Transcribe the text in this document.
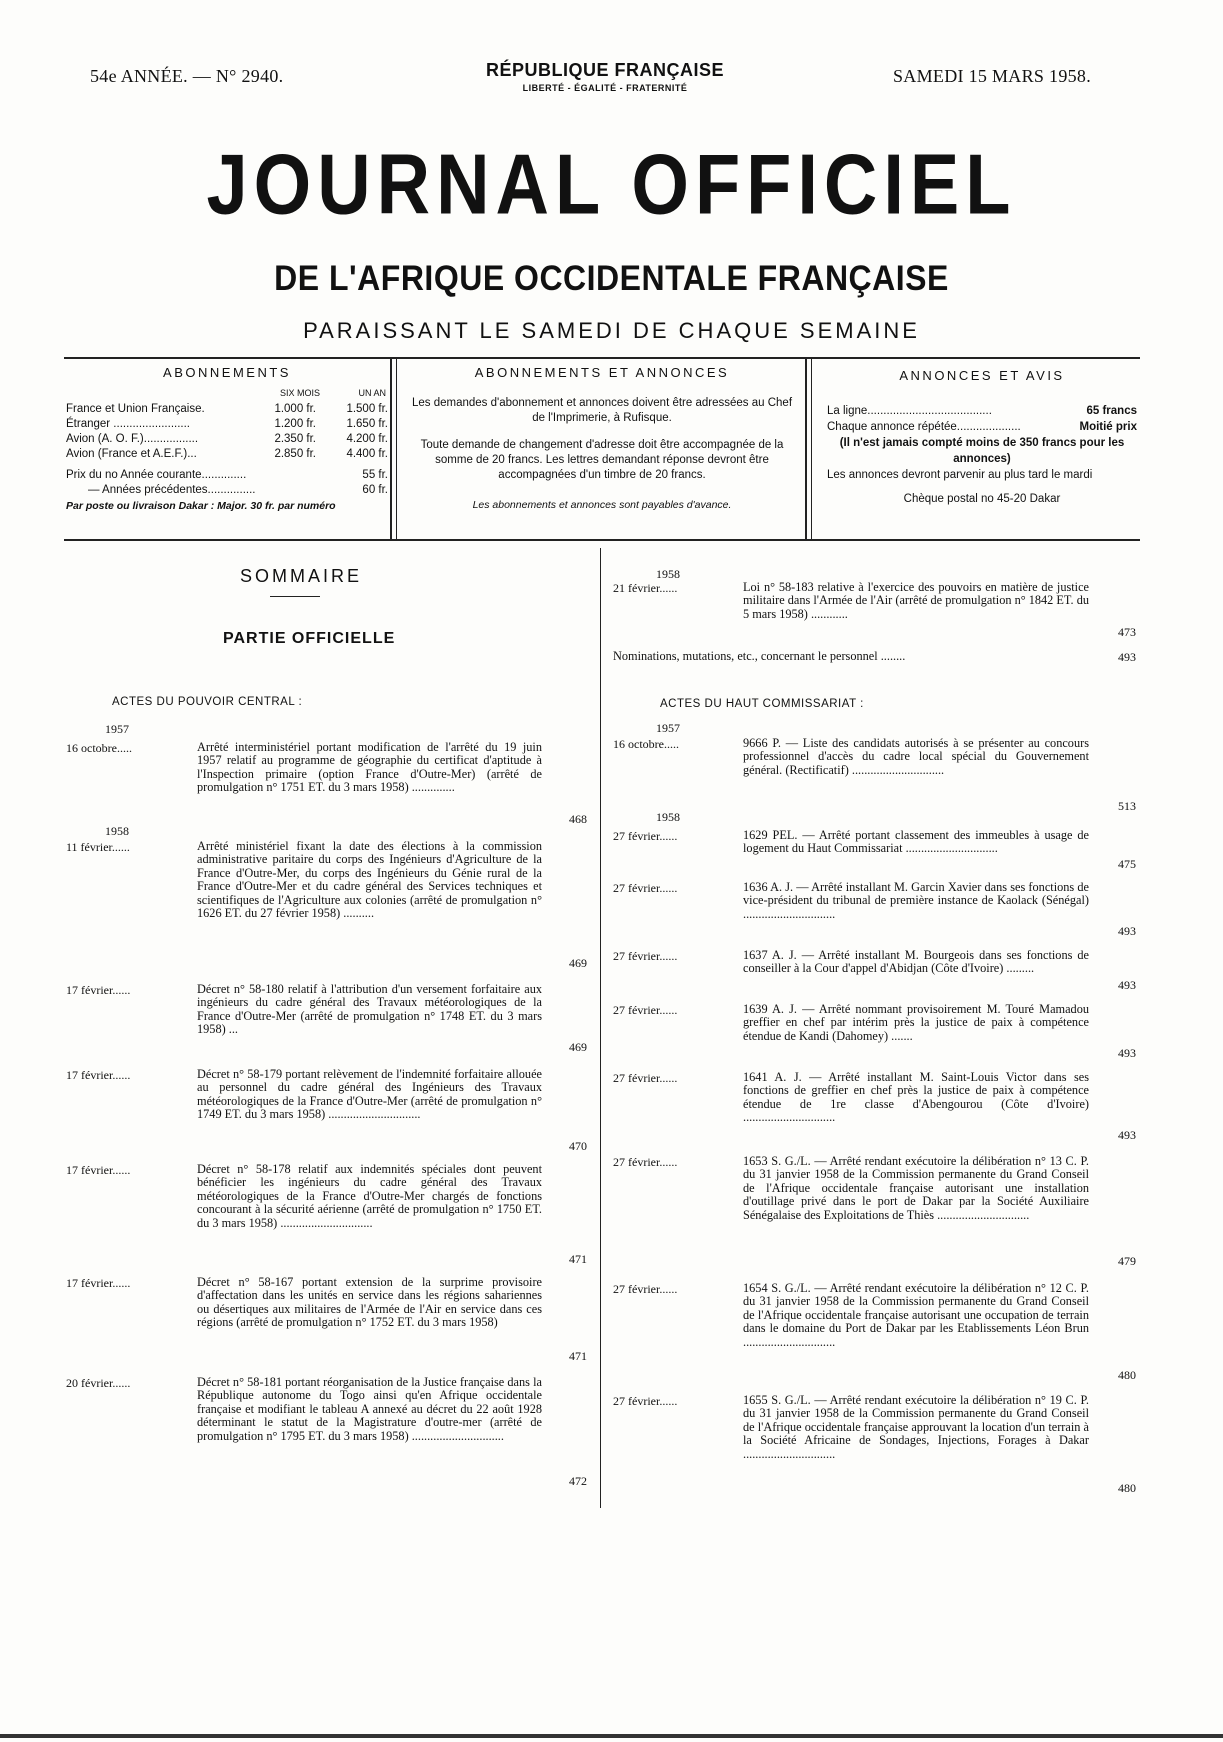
54e ANNÉE. — N° 2940.	RÉPUBLIQUE FRANÇAISE
LIBERTÉ - ÉGALITÉ - FRATERNITÉ
SAMEDI 15 MARS 1958.
JOURNAL OFFICIEL
DE L'AFRIQUE OCCIDENTALE FRANÇAISE
PARAISSANT LE SAMEDI DE CHAQUE SEMAINE
ABONNEMENTS
SIX MOIS	UN AN
France et Union Française.	1.000 fr.	1.500 fr.
Étranger ........................	1.200 fr.	1.650 fr.
Avion (A. O. F.).................	2.350 fr.	4.200 fr.
Avion (France et A.E.F.)...	2.850 fr.	4.400 fr.
Prix du no Année courante..............	55 fr.
— Années précédentes...............	60 fr.
Par poste ou livraison Dakar : Major. 30 fr. par numéro
ABONNEMENTS ET ANNONCES
Les demandes d'abonnement et annonces doivent être adressées au Chef de l'Imprimerie, à Rufisque.
Toute demande de changement d'adresse doit être accompagnée de la somme de 20 francs. Les lettres demandant réponse devront être accompagnées d'un timbre de 20 francs.
Les abonnements et annonces sont payables d'avance.
ANNONCES ET AVIS
La ligne.......................................	65 francs
Chaque annonce répétée....................	Moitié prix
(Il n'est jamais compté moins de 350 francs pour les annonces)
Les annonces devront parvenir au plus tard le mardi
Chèque postal no 45-20 Dakar
SOMMAIRE
PARTIE OFFICIELLE
ACTES DU POUVOIR CENTRAL :
1957
1958
16 octobre.....	Arrêté interministériel portant modification de l'arrêté du 19 juin 1957 relatif au programme de géographie du certificat d'aptitude à l'Inspection primaire (option France d'Outre-Mer) (arrêté de promulgation n° 1751 ET. du 3 mars 1958) ..............
468
11 février......	Arrêté ministériel fixant la date des élections à la commission administrative paritaire du corps des Ingénieurs d'Agriculture de la France d'Outre-Mer, du corps des Ingénieurs du Génie rural de la France d'Outre-Mer et du cadre général des Services techniques et scientifiques de l'Agriculture aux colonies (arrêté de promulgation n° 1626 ET. du 27 février 1958) ..........
469
17 février......	Décret n° 58-180 relatif à l'attribution d'un versement forfaitaire aux ingénieurs du cadre général des Travaux météorologiques de la France d'Outre-Mer (arrêté de promulgation n° 1748 ET. du 3 mars 1958) ...
469
17 février......	Décret n° 58-179 portant relèvement de l'indemnité forfaitaire allouée au personnel du cadre général des Ingénieurs des Travaux météorologiques de la France d'Outre-Mer (arrêté de promulgation n° 1749 ET. du 3 mars 1958) ..............................
470
17 février......	Décret n° 58-178 relatif aux indemnités spéciales dont peuvent bénéficier les ingénieurs du cadre général des Travaux météorologiques de la France d'Outre-Mer chargés de fonctions concourant à la sécurité aérienne (arrêté de promulgation n° 1750 ET. du 3 mars 1958) ..............................
471
17 février......	Décret n° 58-167 portant extension de la surprime provisoire d'affectation dans les unités en service dans les régions sahariennes ou désertiques aux militaires de l'Armée de l'Air en service dans ces régions (arrêté de promulgation n° 1752 ET. du 3 mars 1958)
471
20 février......	Décret n° 58-181 portant réorganisation de la Justice française dans la République autonome du Togo ainsi qu'en Afrique occidentale française et modifiant le tableau A annexé au décret du 22 août 1928 déterminant le statut de la Magistrature d'outre-mer (arrêté de promulgation n° 1795 ET. du 3 mars 1958) ..............................
472
1958
ACTES DU HAUT COMMISSARIAT :
1957
1958
21 février......	Loi n° 58-183 relative à l'exercice des pouvoirs en matière de justice militaire dans l'Armée de l'Air (arrêté de promulgation n° 1842 ET. du 5 mars 1958) ............
473
Nominations, mutations, etc., concernant le personnel ........	493
16 octobre.....	9666 P. — Liste des candidats autorisés à se présenter au concours professionnel d'accès du cadre local spécial du Gouvernement général. (Rectificatif) ..............................
513
27 février......	1629 PEL. — Arrêté portant classement des immeubles à usage de logement du Haut Commissariat ..............................
475
27 février......	1636 A. J. — Arrêté installant M. Garcin Xavier dans ses fonctions de vice-président du tribunal de première instance de Kaolack (Sénégal) ..............................
493
27 février......	1637 A. J. — Arrêté installant M. Bourgeois dans ses fonctions de conseiller à la Cour d'appel d'Abidjan (Côte d'Ivoire) .........
493
27 février......	1639 A. J. — Arrêté nommant provisoirement M. Touré Mamadou greffier en chef par intérim près la justice de paix à compétence étendue de Kandi (Dahomey) .......
493
27 février......	1641 A. J. — Arrêté installant M. Saint-Louis Victor dans ses fonctions de greffier en chef près la justice de paix à compétence étendue de 1re classe d'Abengourou (Côte d'Ivoire) ..............................
493
27 février......	1653 S. G./L. — Arrêté rendant exécutoire la délibération n° 13 C. P. du 31 janvier 1958 de la Commission permanente du Grand Conseil de l'Afrique occidentale française autorisant une installation d'outillage privé dans le port de Dakar par la Société Auxiliaire Sénégalaise des Exploitations de Thiès ..............................
479
27 février......	1654 S. G./L. — Arrêté rendant exécutoire la délibération n° 12 C. P. du 31 janvier 1958 de la Commission permanente du Grand Conseil de l'Afrique occidentale française autorisant une occupation de terrain dans le domaine du Port de Dakar par les Etablissements Léon Brun ..............................
480
27 février......	1655 S. G./L. — Arrêté rendant exécutoire la délibération n° 19 C. P. du 31 janvier 1958 de la Commission permanente du Grand Conseil de l'Afrique occidentale française approuvant la location d'un terrain à la Société Africaine de Sondages, Injections, Forages à Dakar ..............................
480
